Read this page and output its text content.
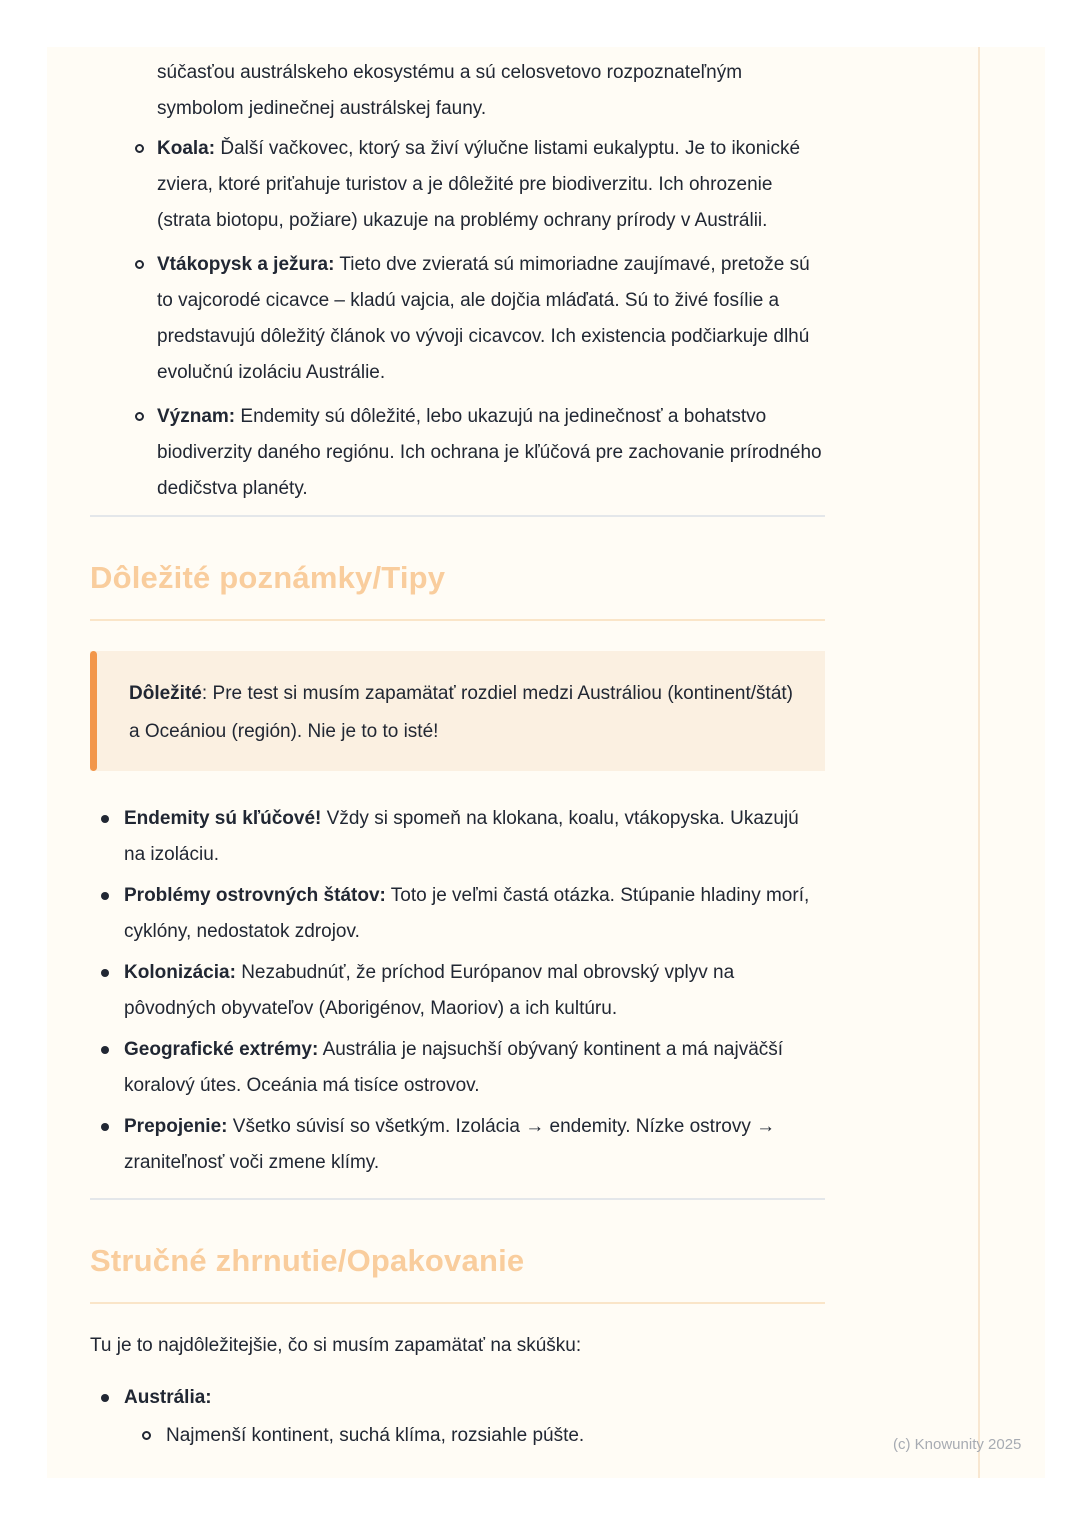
súčasťou austrálskeho ekosystému a sú celosvetovo rozpoznateľným symbolom jedinečnej austrálskej fauny.

Koala: Ďalší vačkovec, ktorý sa živí výlučne listami eukalyptu. Je to ikonické zviera, ktoré priťahuje turistov a je dôležité pre biodiverzitu. Ich ohrozenie (strata biotopu, požiare) ukazuje na problémy ochrany prírody v Austrálii.
Vtákopysk a ježura: Tieto dve zvieratá sú mimoriadne zaujímavé, pretože sú to vajcorodé cicavce – kladú vajcia, ale dojčia mláďatá. Sú to živé fosílie a predstavujú dôležitý článok vo vývoji cicavcov. Ich existencia podčiarkuje dlhú evolučnú izoláciu Austrálie.
Význam: Endemity sú dôležité, lebo ukazujú na jedinečnosť a bohatstvo biodiverzity daného regiónu. Ich ochrana je kľúčová pre zachovanie prírodného dedičstva planéty.
Dôležité poznámky/Tipy

Dôležité: Pre test si musím zapamätať rozdiel medzi Austráliou (kontinent/štát) a Oceániou (región). Nie je to to isté!

Endemity sú kľúčové! Vždy si spomeň na klokana, koalu, vtákopyska. Ukazujú na izoláciu.
Problémy ostrovných štátov: Toto je veľmi častá otázka. Stúpanie hladiny morí, cyklóny, nedostatok zdrojov.
Kolonizácia: Nezabudnúť, že príchod Európanov mal obrovský vplyv na pôvodných obyvateľov (Aborigénov, Maoriov) a ich kultúru.
Geografické extrémy: Austrália je najsuchší obývaný kontinent a má najväčší koralový útes. Oceánia má tisíce ostrovov.
Prepojenie: Všetko súvisí so všetkým. Izolácia → endemity. Nízke ostrovy → zraniteľnosť voči zmene klímy.
Stručné zhrnutie/Opakovanie

Tu je to najdôležitejšie, čo si musím zapamätať na skúšku:

Austrália:
Najmenší kontinent, suchá klíma, rozsiahle púšte.	(c) Knowunity 2025
